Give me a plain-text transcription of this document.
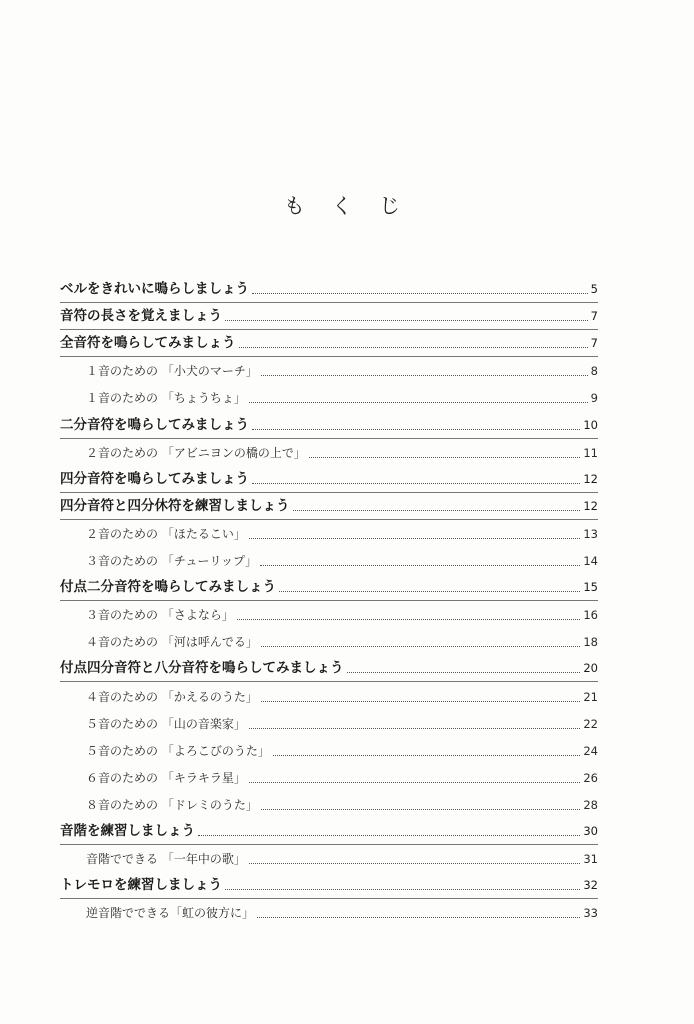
も く じ
ベルをきれいに鳴らしましょう	5
音符の長さを覚えましょう	7
全音符を鳴らしてみましょう	7
１音のための 「小犬のマーチ」	8
１音のための 「ちょうちょ」	9
二分音符を鳴らしてみましょう	10
２音のための 「アビニヨンの橋の上で」	11
四分音符を鳴らしてみましょう	12
四分音符と四分休符を練習しましょう	12
２音のための 「ほたるこい」	13
３音のための 「チューリップ」	14
付点二分音符を鳴らしてみましょう	15
３音のための 「さよなら」	16
４音のための 「河は呼んでる」	18
付点四分音符と八分音符を鳴らしてみましょう	20
４音のための 「かえるのうた」	21
５音のための 「山の音楽家」	22
５音のための 「よろこびのうた」	24
６音のための 「キラキラ星」	26
８音のための 「ドレミのうた」	28
音階を練習しましょう	30
音階でできる 「一年中の歌」	31
トレモロを練習しましょう	32
逆音階でできる「虹の彼方に」	33
